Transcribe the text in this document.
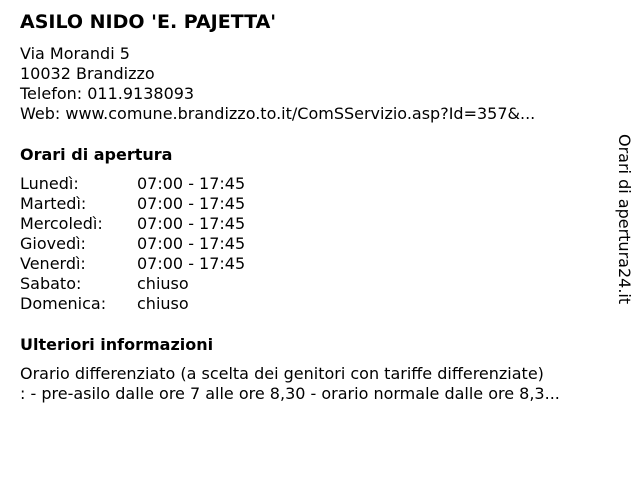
ASILO NIDO 'E. PAJETTA'
Via Morandi 5
10032 Brandizzo
Telefon: 011.9138093
Web: www.comune.brandizzo.to.it/ComSServizio.asp?Id=357&...
Orari di apertura
Lunedì:	07:00 - 17:45
Martedì:	07:00 - 17:45
Mercoledì: 07:00 - 17:45
Giovedì:	07:00 - 17:45
Venerdì:	07:00 - 17:45
Sabato:	chiuso
Domenica: chiuso
Ulteriori informazioni
Orario differenziato (a scelta dei genitori con tariffe differenziate)
: - pre-asilo dalle ore 7 alle ore 8,30 - orario normale dalle ore 8,3...
Orari di apertura24.it
